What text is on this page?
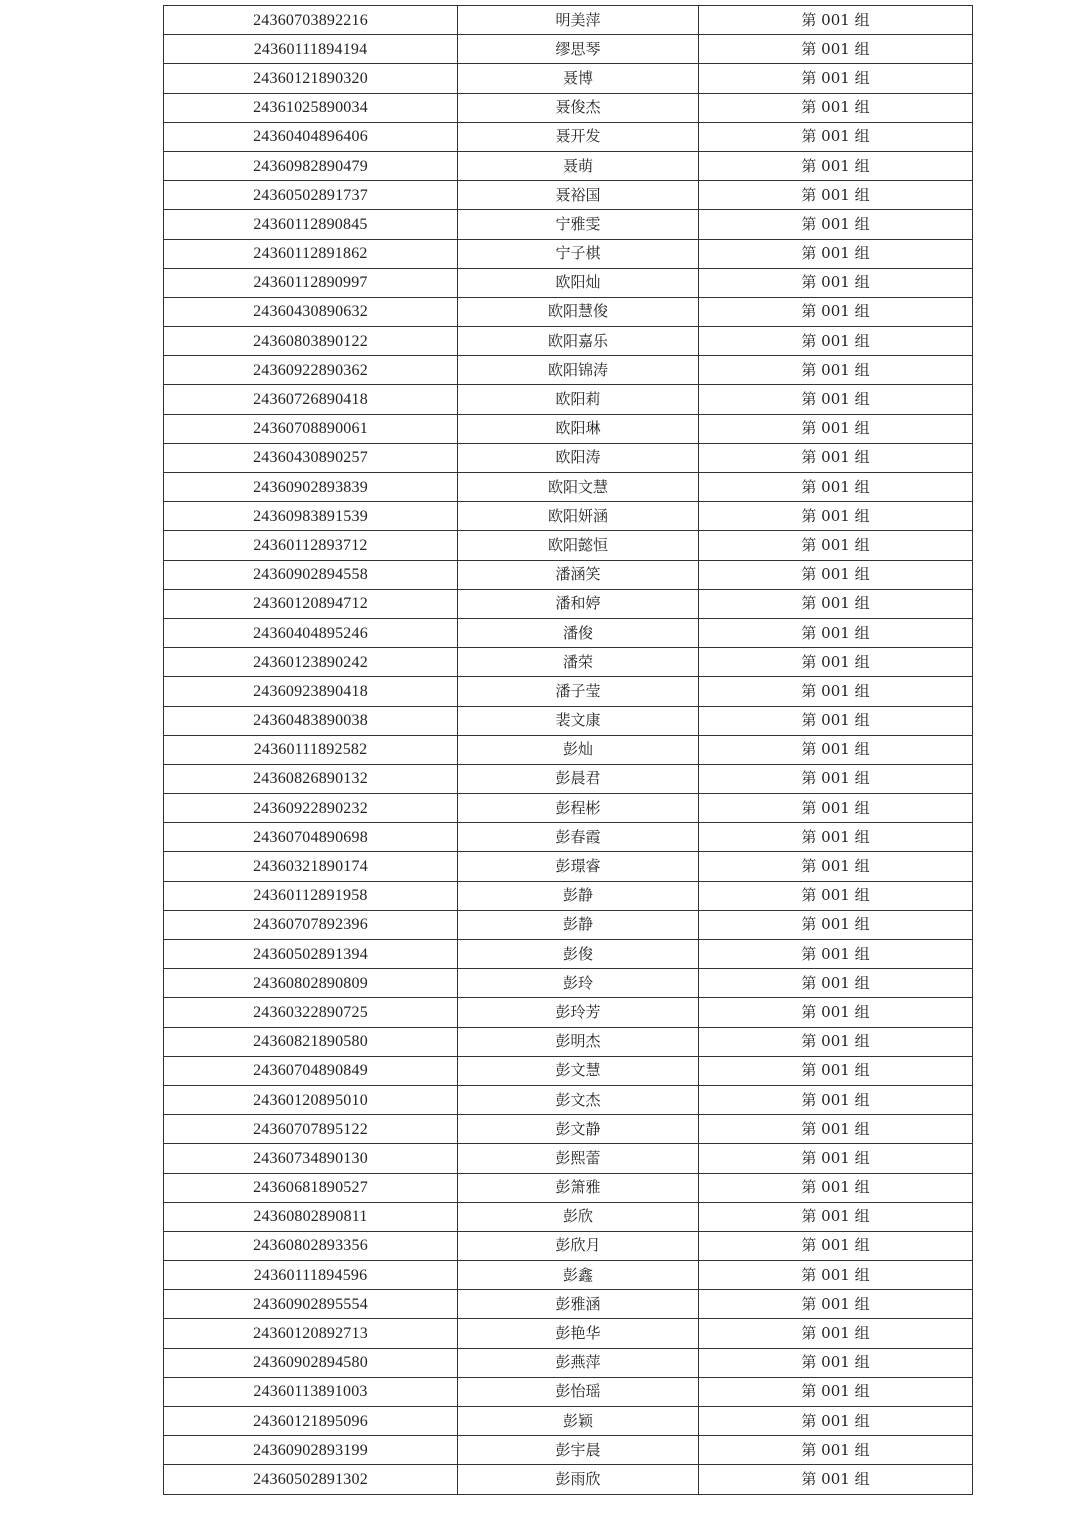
24360703892216	明美萍	第 001 组
24360111894194	缪思琴	第 001 组
24360121890320	聂博	第 001 组
24361025890034	聂俊杰	第 001 组
24360404896406	聂开发	第 001 组
24360982890479	聂萌	第 001 组
24360502891737	聂裕国	第 001 组
24360112890845	宁雅雯	第 001 组
24360112891862	宁子棋	第 001 组
24360112890997	欧阳灿	第 001 组
24360430890632	欧阳慧俊	第 001 组
24360803890122	欧阳嘉乐	第 001 组
24360922890362	欧阳锦涛	第 001 组
24360726890418	欧阳莉	第 001 组
24360708890061	欧阳琳	第 001 组
24360430890257	欧阳涛	第 001 组
24360902893839	欧阳文慧	第 001 组
24360983891539	欧阳妍涵	第 001 组
24360112893712	欧阳懿恒	第 001 组
24360902894558	潘涵笑	第 001 组
24360120894712	潘和婷	第 001 组
24360404895246	潘俊	第 001 组
24360123890242	潘荣	第 001 组
24360923890418	潘子莹	第 001 组
24360483890038	裴文康	第 001 组
24360111892582	彭灿	第 001 组
24360826890132	彭晨君	第 001 组
24360922890232	彭程彬	第 001 组
24360704890698	彭春霞	第 001 组
24360321890174	彭璟睿	第 001 组
24360112891958	彭静	第 001 组
24360707892396	彭静	第 001 组
24360502891394	彭俊	第 001 组
24360802890809	彭玲	第 001 组
24360322890725	彭玲芳	第 001 组
24360821890580	彭明杰	第 001 组
24360704890849	彭文慧	第 001 组
24360120895010	彭文杰	第 001 组
24360707895122	彭文静	第 001 组
24360734890130	彭熙蕾	第 001 组
24360681890527	彭箫雅	第 001 组
24360802890811	彭欣	第 001 组
24360802893356	彭欣月	第 001 组
24360111894596	彭鑫	第 001 组
24360902895554	彭雅涵	第 001 组
24360120892713	彭艳华	第 001 组
24360902894580	彭燕萍	第 001 组
24360113891003	彭怡瑶	第 001 组
24360121895096	彭颖	第 001 组
24360902893199	彭宇晨	第 001 组
24360502891302	彭雨欣	第 001 组
